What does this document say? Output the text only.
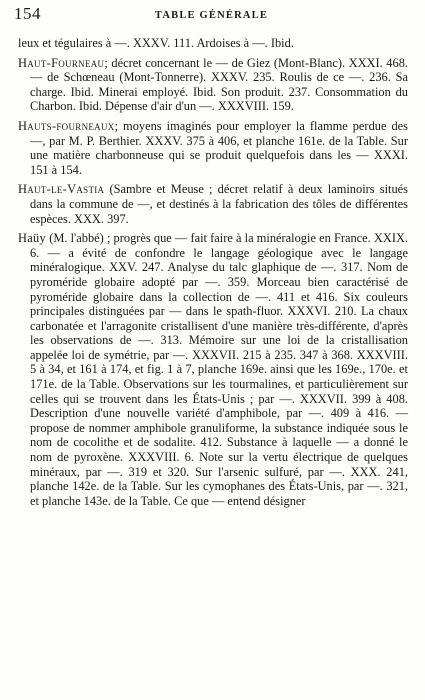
154	TABLE GÉNÉRALE

leux et tégulaires à —. XXXV. 111. Ardoises à —. Ibid.

Haut-Fourneau; décret concernant le — de Giez (Mont-Blanc). XXXI. 468. — de Schœneau (Mont-Tonnerre). XXXV. 235. Roulis de ce —. 236. Sa charge. Ibid. Minerai employé. Ibid. Son produit. 237. Consommation du Charbon. Ibid. Dépense d'air d'un —. XXXVIII. 159.

Hauts-fourneaux; moyens imaginés pour employer la flamme perdue des —, par M. P. Berthier. XXXV. 375 à 406, et planche 161e. de la Table. Sur une matière charbonneuse qui se produit quelquefois dans les — XXXI. 151 à 154.

Haut-le-Vastia (Sambre et Meuse ; décret relatif à deux laminoirs situés dans la commune de —, et destinés à la fabrication des tôles de différentes espèces. XXX. 397.

Haüy (M. l'abbé) ; progrès que — fait faire à la minéralogie en France. XXIX. 6. — a évité de confondre le langage géologique avec le langage minéralogique. XXV. 247. Analyse du talc glaphique de —. 317. Nom de pyroméride globaire adopté par —. 359. Morceau bien caractérisé de pyroméride globaire dans la collection de —. 411 et 416. Six couleurs principales distinguées par — dans le spath-fluor. XXXVI. 210. La chaux carbonatée et l'arragonite cristallisent d'une manière très-différente, d'après les observations de —. 313. Mémoire sur une loi de la cristallisation appelée loi de symétrie, par —. XXXVII. 215 à 235. 347 à 368. XXXVIII. 5 à 34, et 161 à 174, et fig. 1 à 7, planche 169e. ainsi que les 169e., 170e. et 171e. de la Table. Observations sur les tourmalines, et particulièrement sur celles qui se trouvent dans les États-Unis ; par —. XXXVII. 399 à 408. Description d'une nouvelle variété d'amphibole, par —. 409 à 416. — propose de nommer amphibole granuliforme, la substance indiquée sous le nom de cocolithe et de sodalite. 412. Substance à laquelle — a donné le nom de pyroxène. XXXVIII. 6. Note sur la vertu électrique de quelques minéraux, par —. 319 et 320. Sur l'arsenic sulfuré, par —. XXX. 241, planche 142e. de la Table. Sur les cymophanes des États-Unis, par —. 321, et planche 143e. de la Table. Ce que — entend désigner
